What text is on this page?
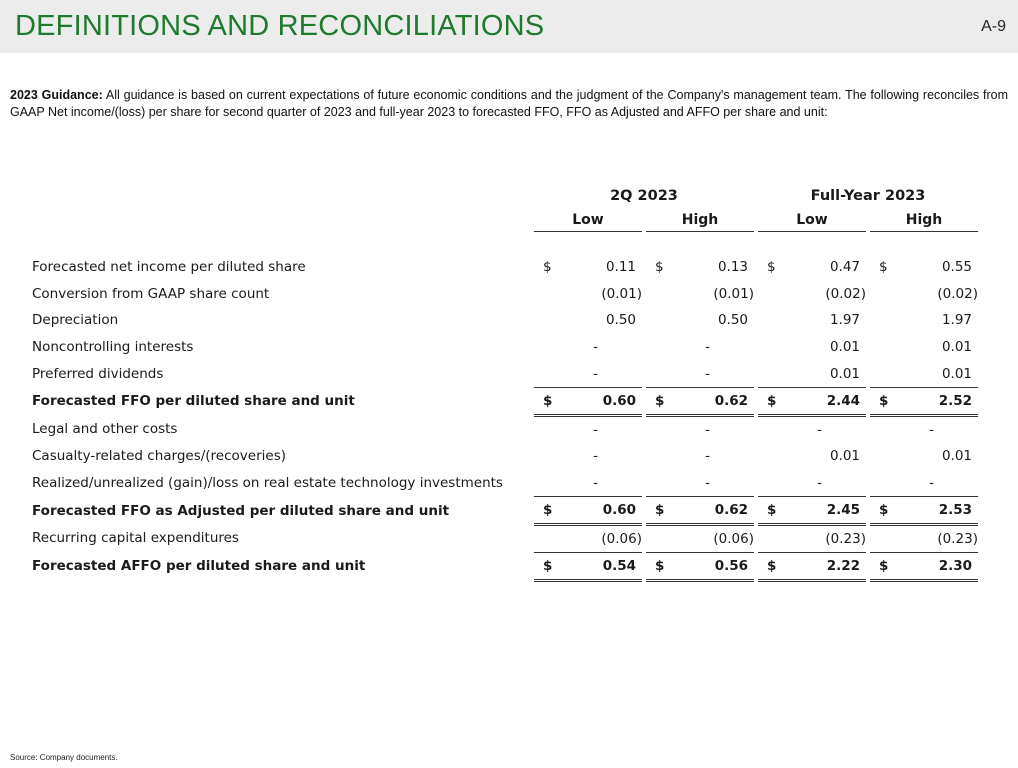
DEFINITIONS AND RECONCILIATIONS	A-9
2023 Guidance: All guidance is based on current expectations of future economic conditions and the judgment of the Company's management team. The following reconciles from GAAP Net income/(loss) per share for second quarter of 2023 and full-year 2023 to forecasted FFO, FFO as Adjusted and AFFO per share and unit:
	2Q 2023				Full-Year 2023		
	Low		High		Low		High

Forecasted net income per diluted share	$ 0.11		$ 0.13		$ 0.47		$ 0.55

Conversion from GAAP share count	(0.01)		(0.01)		(0.02)		(0.02)

Depreciation	0.50		0.50		1.97		1.97

Noncontrolling interests	-		-		0.01		0.01

Preferred dividends	-		-		0.01		0.01

Forecasted FFO per diluted share and unit	$ 0.60		$ 0.62		$ 2.44		$ 2.52

Legal and other costs	-		-		-		-

Casualty-related charges/(recoveries)	-		-		0.01		0.01

Realized/unrealized (gain)/loss on real estate technology investments	-		-		-		-

Forecasted FFO as Adjusted per diluted share and unit	$ 0.60		$ 0.62		$ 2.45		$ 2.53

Recurring capital expenditures	(0.06)		(0.06)		(0.23)		(0.23)

Forecasted AFFO per diluted share and unit	$ 0.54		$ 0.56		$ 2.22		$ 2.30
Source: Company documents.
